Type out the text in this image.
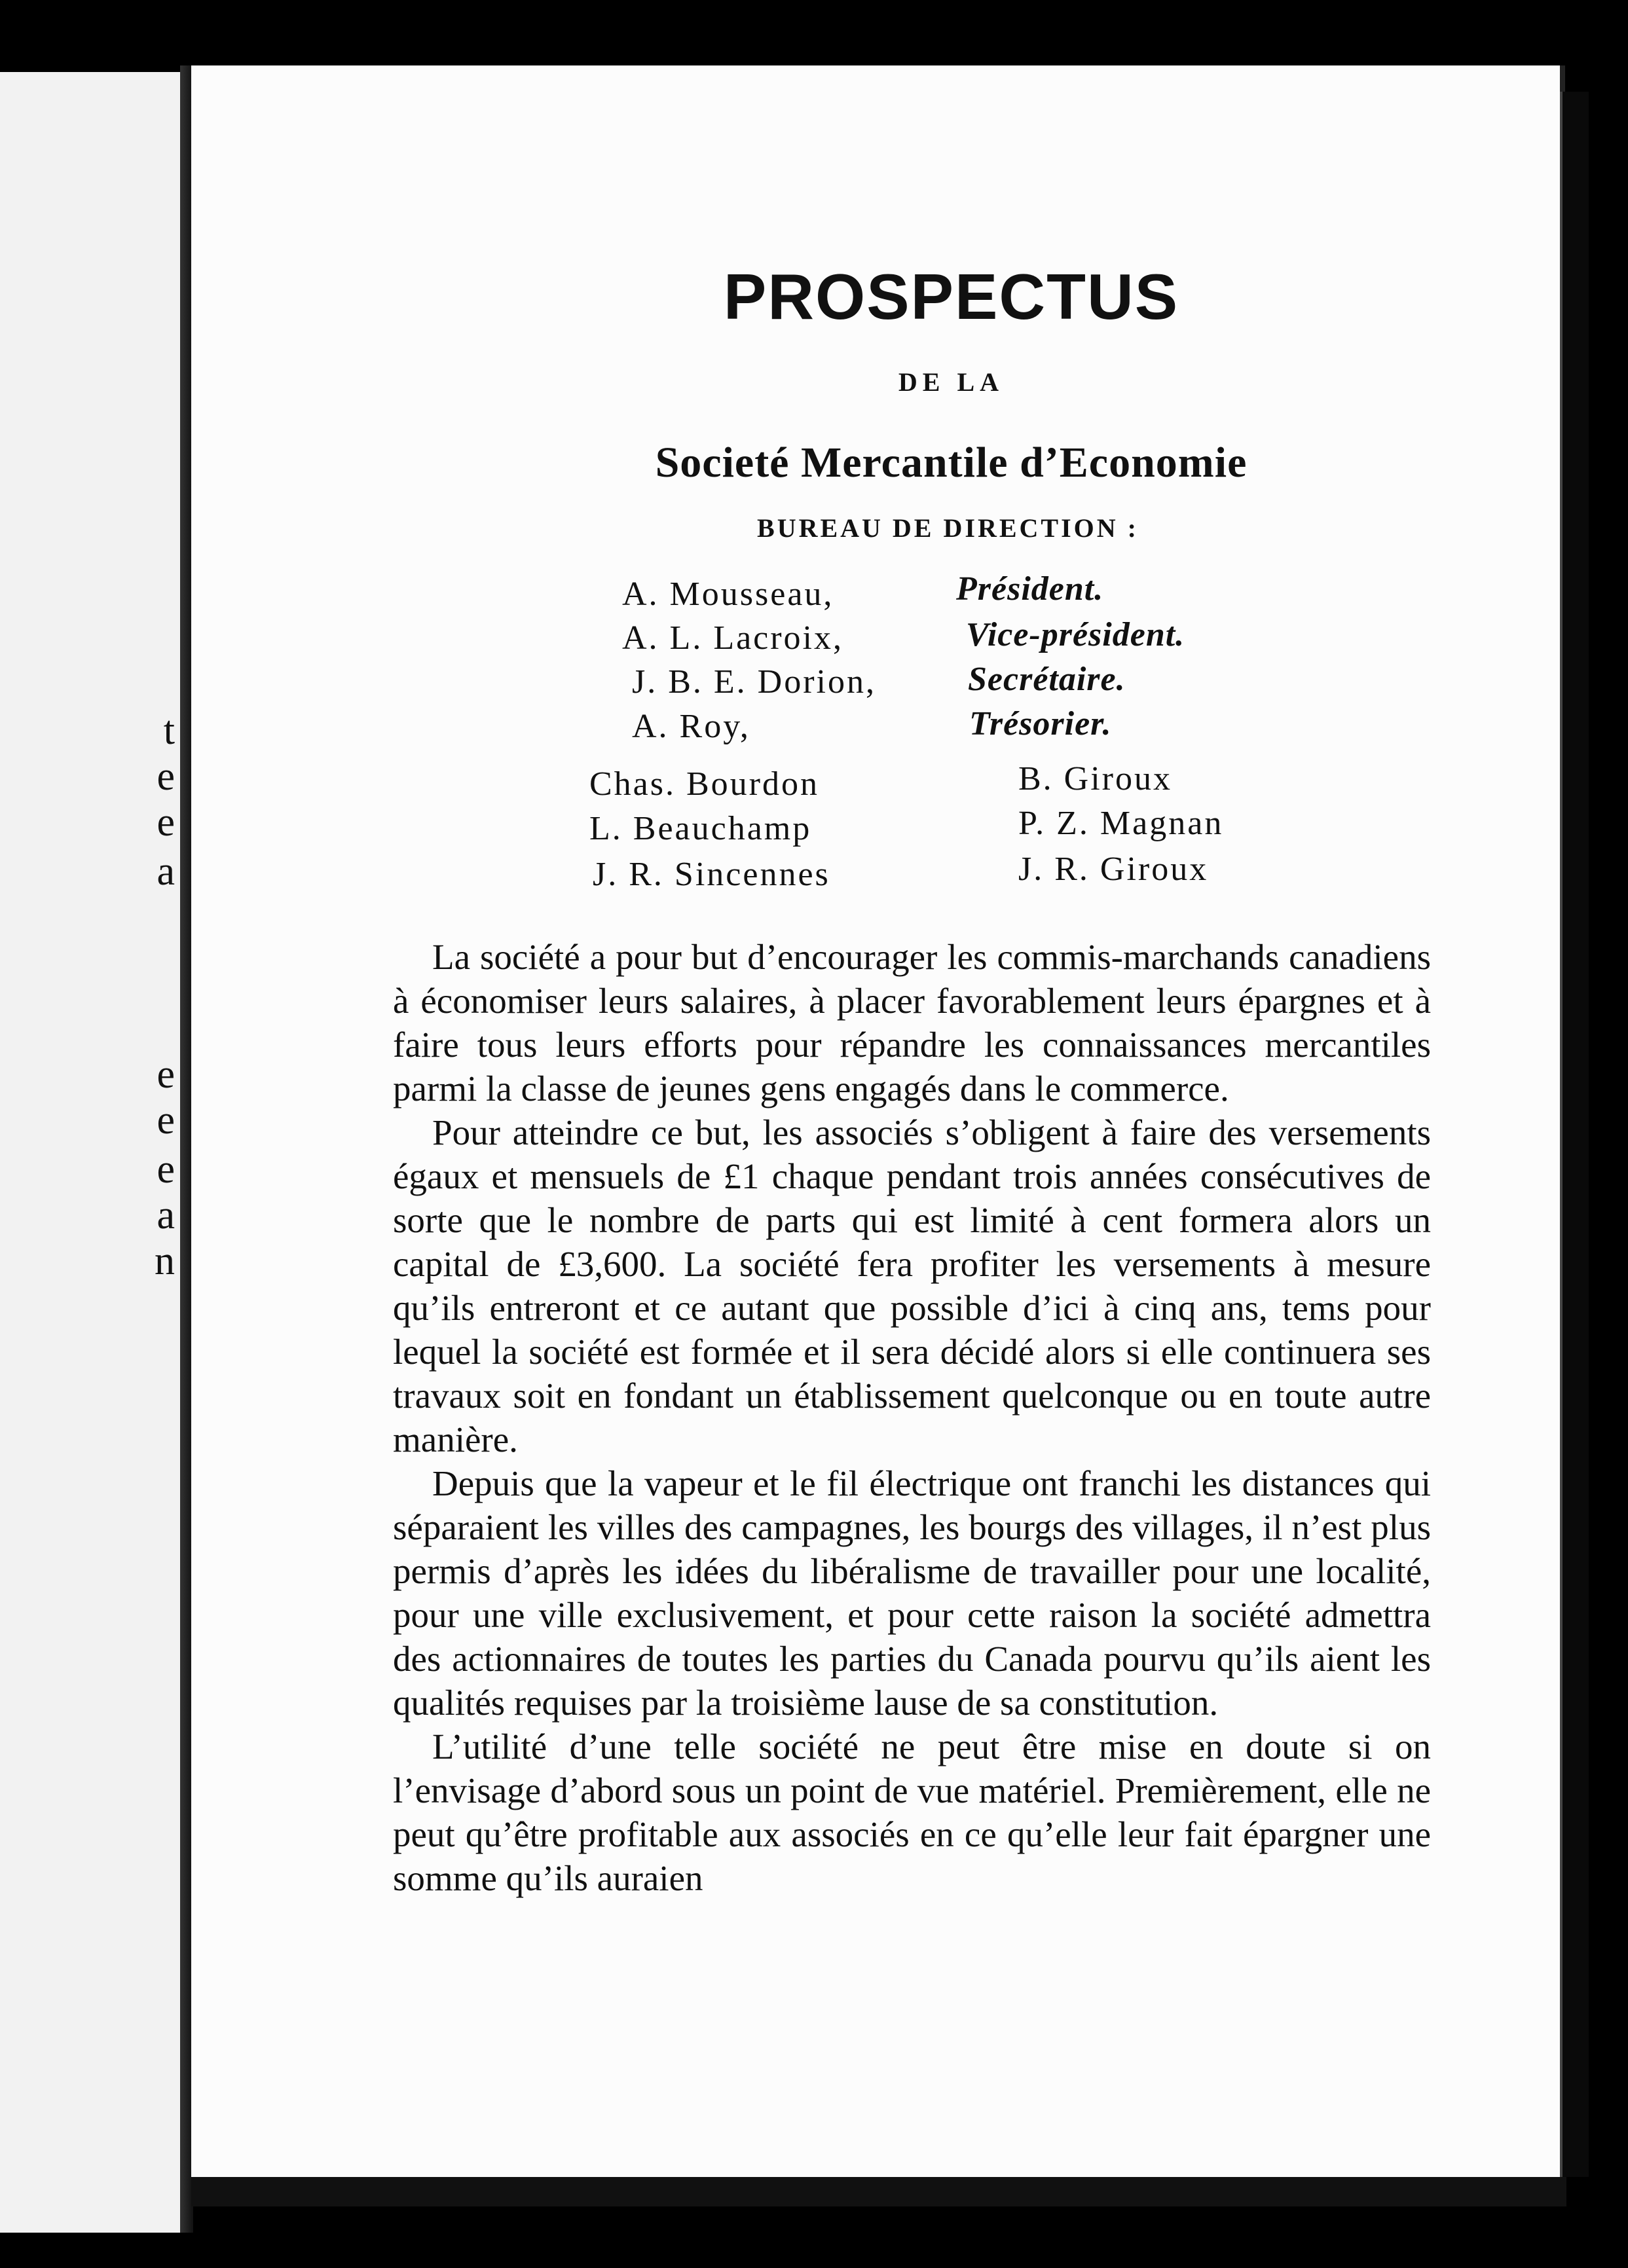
t
e
e
a
e
e
e
a
n
PROSPECTUS
DE LA
Societé Mercantile d’Economie
BUREAU DE DIRECTION :
A. Mousseau,	Président.
A. L. Lacroix,	Vice-président.
J. B. E. Dorion,	Secrétaire.
A. Roy,	Trésorier.
Chas. Bourdon
L. Beauchamp
J. R. Sincennes
B. Giroux
P. Z. Magnan
J. R. Giroux

La société a pour but d’encourager les commis-marchands canadiens à économiser leurs salaires, à placer favorablement leurs épargnes et à faire tous leurs efforts pour répandre les connaissances mercantiles parmi la classe de jeunes gens engagés dans le commerce.

Pour atteindre ce but, les associés s’obligent à faire des versements égaux et mensuels de £1 chaque pendant trois années consécutives de sorte que le nombre de parts qui est limité à cent formera alors un capital de £3,600. La société fera profiter les versements à mesure qu’ils entreront et ce autant que possible d’ici à cinq ans, tems pour lequel la société est formée et il sera décidé alors si elle continuera ses travaux soit en fondant un établissement quelconque ou en toute autre manière.

Depuis que la vapeur et le fil électrique ont franchi les distances qui séparaient les villes des campagnes, les bourgs des villages, il n’est plus permis d’après les idées du libéralisme de travailler pour une localité, pour une ville exclusivement, et pour cette raison la société admettra des actionnaires de toutes les parties du Canada pourvu qu’ils aient les qualités requises par la troisième lause de sa constitution.

L’utilité d’une telle société ne peut être mise en doute si on l’envisage d’abord sous un point de vue matériel. Premièrement, elle ne peut qu’être profitable aux associés en ce qu’elle leur fait épargner une somme qu’ils auraien
